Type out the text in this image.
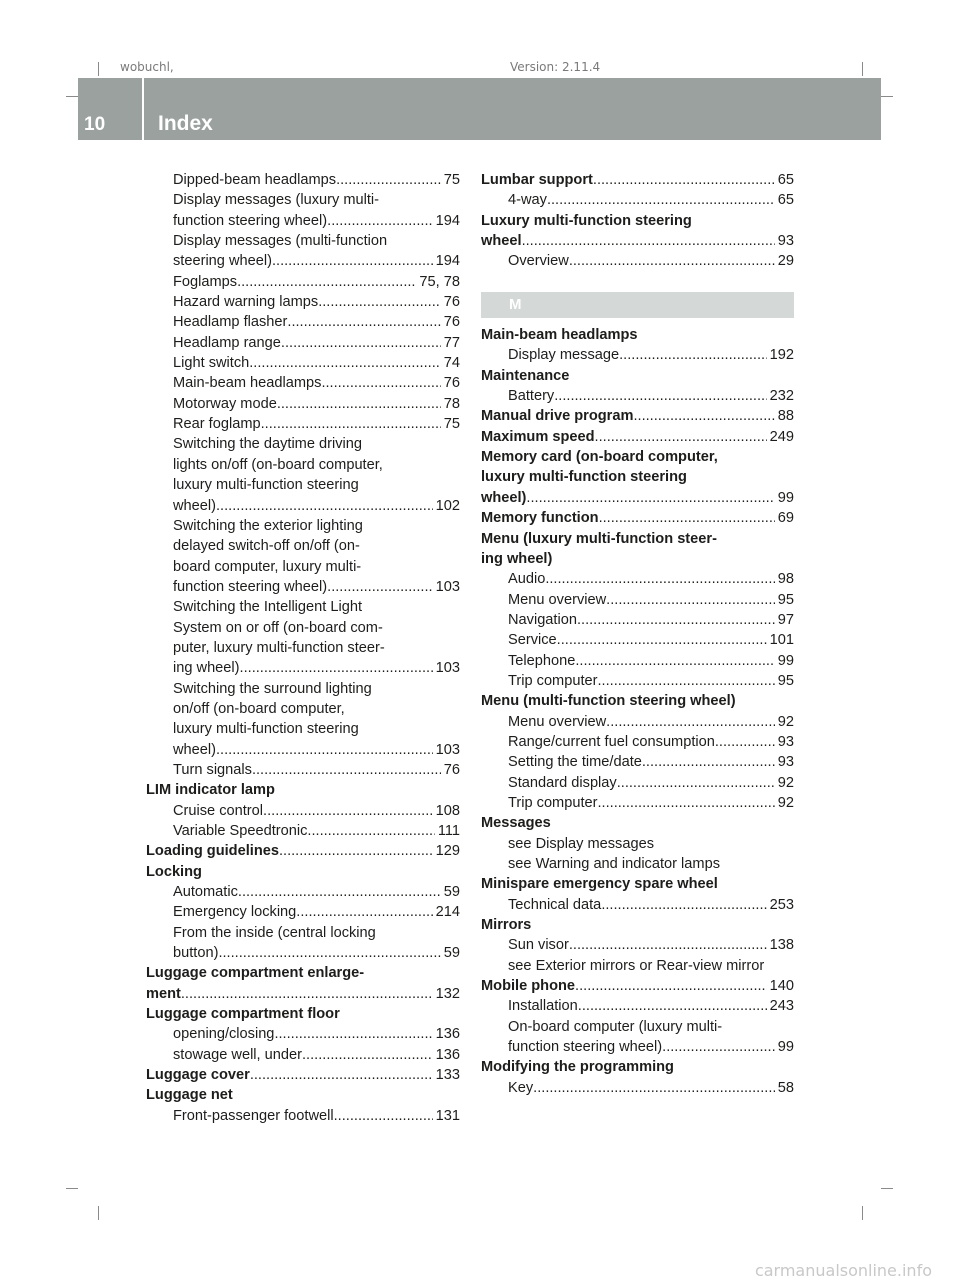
wobuchl,	Version: 2.11.4
10	Index
Dipped-beam headlamps .....	75
Display messages (luxury multi-
function steering wheel) .....	194
Display messages (multi-function
steering wheel) .....	194
Foglamps .....	75, 78
Hazard warning lamps .....	76
Headlamp flasher .....	76
Headlamp range .....	77
Light switch .....	74
Main-beam headlamps .....	76
Motorway mode .....	78
Rear foglamp .....	75
Switching the daytime driving
lights on/off (on-board computer,
luxury multi-function steering
wheel) .....	102
Switching the exterior lighting
delayed switch-off on/off (on-
board computer, luxury multi-
function steering wheel) .....	103
Switching the Intelligent Light
System on or off (on-board com-
puter, luxury multi-function steer-
ing wheel) .....	103
Switching the surround lighting
on/off (on-board computer,
luxury multi-function steering
wheel) .....	103
Turn signals .....	76
LIM indicator lamp
Cruise control .....	108
Variable Speedtronic .....	111
Loading guidelines .....	129
Locking
Automatic .....	59
Emergency locking .....	214
From the inside (central locking
button) .....	59
Luggage compartment enlarge-
ment .....	132
Luggage compartment floor
opening/closing .....	136
stowage well, under .....	136
Luggage cover .....	133
Luggage net
Front-passenger footwell .....	131
Lumbar support .....	65
4-way .....	65
Luxury multi-function steering
wheel .....	93
Overview .....	29
M
Main-beam headlamps
Display message .....	192
Maintenance
Battery .....	232
Manual drive program .....	88
Maximum speed .....	249
Memory card (on-board computer,
luxury multi-function steering
wheel) .....	99
Memory function .....	69
Menu (luxury multi-function steer-
ing wheel)
Audio .....	98
Menu overview .....	95
Navigation .....	97
Service .....	101
Telephone .....	99
Trip computer .....	95
Menu (multi-function steering wheel)
Menu overview .....	92
Range/current fuel consumption .....	93
Setting the time/date .....	93
Standard display .....	92
Trip computer .....	92
Messages
see Display messages
see Warning and indicator lamps
Minispare emergency spare wheel
Technical data .....	253
Mirrors
Sun visor .....	138
see Exterior mirrors or Rear-view mirror
Mobile phone .....	140
Installation .....	243
On-board computer (luxury multi-
function steering wheel) .....	99
Modifying the programming
Key .....	58
carmanualsonline.info
